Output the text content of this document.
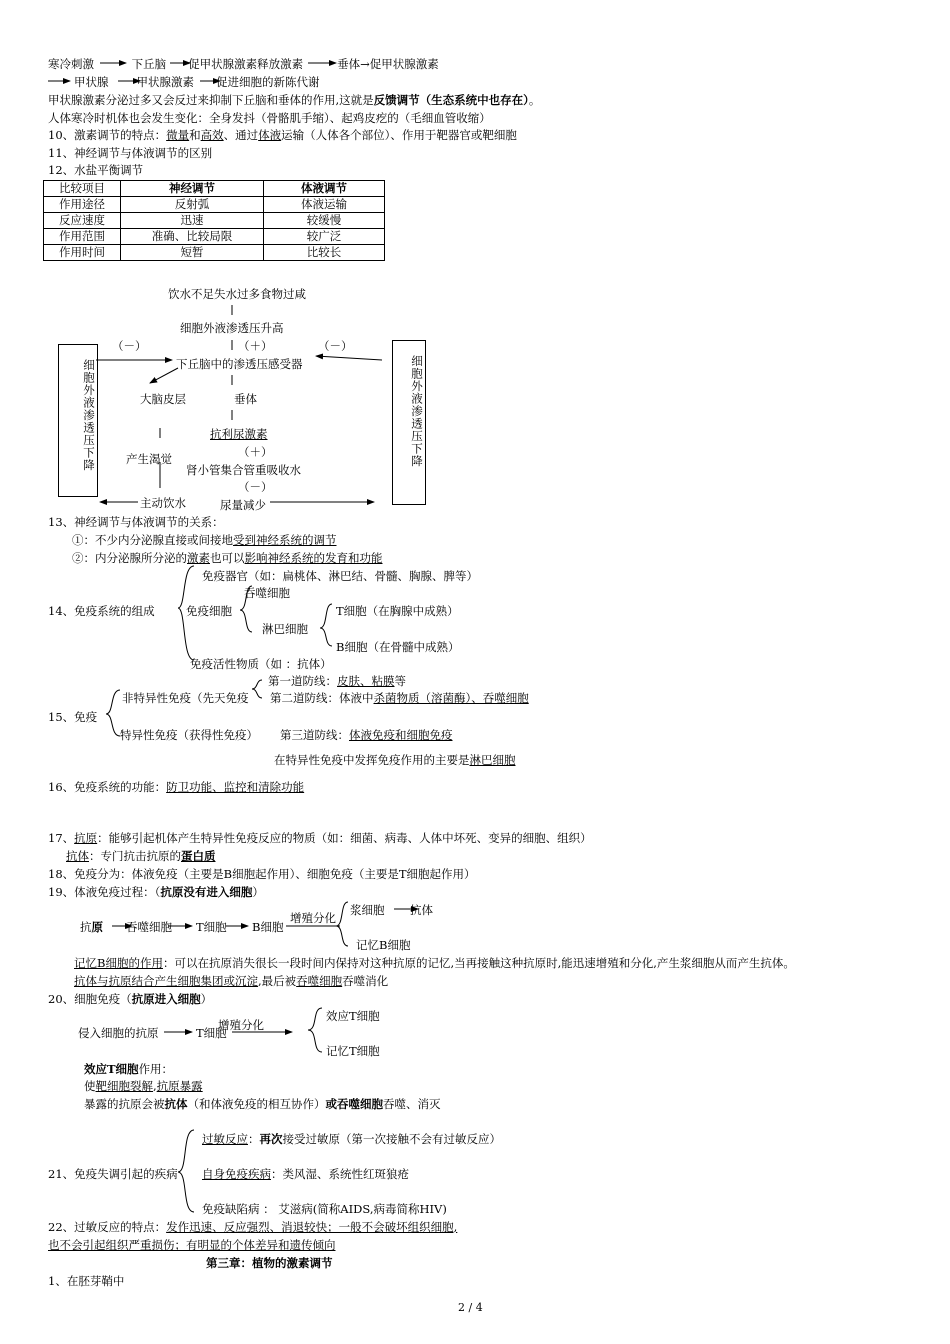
寒冷刺激	下丘脑 促甲状腺激素释放激素	垂体→促甲状腺激素
甲状腺 甲状腺激素 促进细胞的新陈代谢
甲状腺激素分泌过多又会反过来抑制下丘脑和垂体的作用,这就是反馈调节（生态系统中也存在）。
人体寒冷时机体也会发生变化：全身发抖（骨骼肌手缩）、起鸡皮疙的（毛细血管收缩）
10、激素调节的特点：微量和高效、通过体液运输（人体各个部位）、作用于靶器官或靶细胞
11、神经调节与体液调节的区别
12、水盐平衡调节
比较项目	神经调节	体液调节
作用途径	反射弧	体液运输
反应速度	迅速	较缓慢
作用范围	准确、比较局限	较广泛
作用时间	短暂	比较长
饮水不足失水过多食物过咸
细胞外液渗透压升高
（－）	（＋）	（－）
下丘脑中的渗透压感受器
大脑皮层	垂体
抗利尿激素
产生渴觉	（＋）
肾小管集合管重吸收水
（－）
主动饮水	尿量减少
细胞外液渗透压下降	细胞外液渗透压下降
13、神经调节与体液调节的关系：
①：不少内分泌腺直接或间接地受到神经系统的调节
②：内分泌腺所分泌的激素也可以影响神经系统的发育和功能
免疫器官（如：扁桃体、淋巴结、骨髓、胸腺、脾等）
吞噬细胞
14、免疫系统的组成	免疫细胞	T细胞（在胸腺中成熟）
淋巴细胞
B细胞（在骨髓中成熟）
免疫活性物质（如 ：抗体）
第一道防线：皮肤、粘膜等
非特异性免疫（先天免疫 第二道防线：体液中杀菌物质（溶菌酶）、吞噬细胞
15、免疫
特异性免疫（获得性免疫） 第三道防线：体液免疫和细胞免疫
在特异性免疫中发挥免疫作用的主要是淋巴细胞
16、免疫系统的功能：防卫功能、监控和清除功能
17、抗原：能够引起机体产生特异性免疫反应的物质（如：细菌、病毒、人体中坏死、变异的细胞、组织）
抗体：专门抗击抗原的蛋白质
18、免疫分为：体液免疫（主要是B细胞起作用）、细胞免疫（主要是T细胞起作用）
19、体液免疫过程：（抗原没有进入细胞）
浆细胞 抗体
增殖分化
抗原 吞噬细胞 T细胞 B细胞
记忆B细胞
记忆B细胞的作用：可以在抗原消失很长一段时间内保持对这种抗原的记忆,当再接触这种抗原时,能迅速增殖和分化,产生浆细胞从而产生抗体。
抗体与抗原结合产生细胞集团或沉淀,最后被吞噬细胞吞噬消化
20、细胞免疫（抗原进入细胞）
效应T细胞
增殖分化
侵入细胞的抗原	T细胞
记忆T细胞
效应T细胞作用：
使靶细胞裂解,抗原暴露
暴露的抗原会被抗体（和体液免疫的相互协作）或吞噬细胞吞噬、消灭
过敏反应：再次接受过敏原（第一次接触不会有过敏反应）
21、免疫失调引起的疾病 自身免疫疾病：类风湿、系统性红斑狼疮
免疫缺陷病 ： 艾滋病(简称AIDS,病毒简称HIV)
22、过敏反应的特点：发作迅速、反应强烈、消退较快；一般不会破坏组织细胞,
也不会引起组织严重损伤；有明显的个体差异和遗传倾向
第三章：植物的激素调节
1、在胚芽鞘中
2 / 4
